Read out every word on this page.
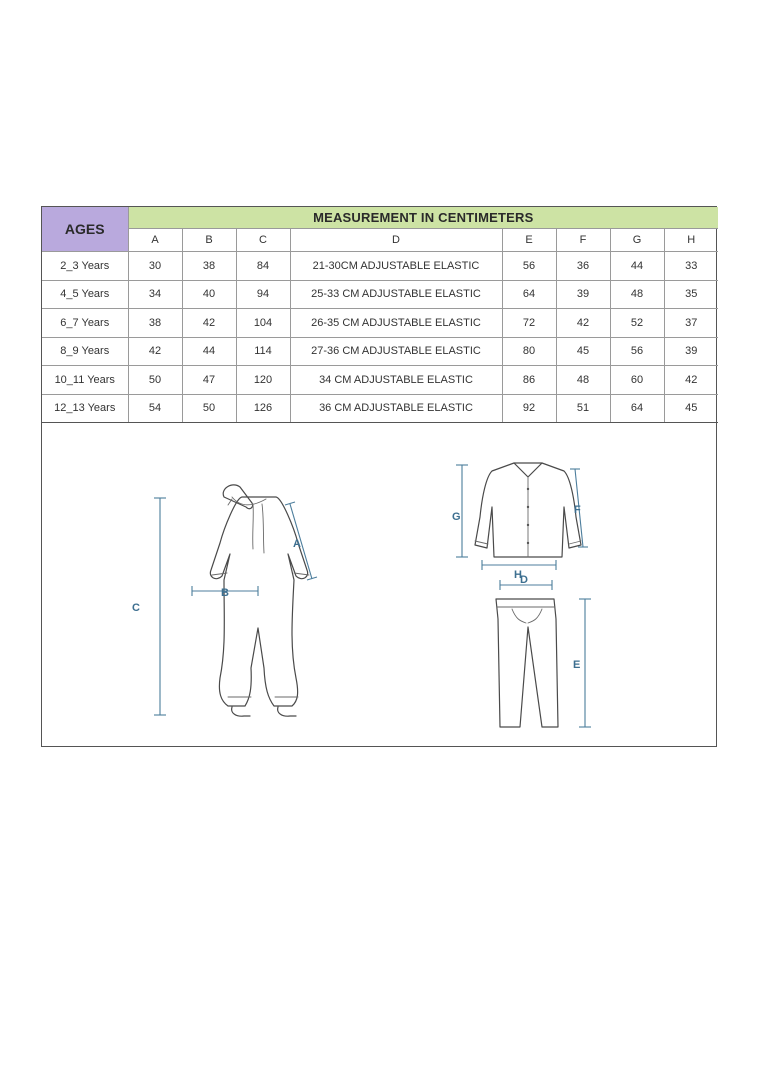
AGES	MEASUREMENT IN CENTIMETERS							
	A	B	C	D	E	F	G	H
2_3 Years	30	38	84	21-30CM ADJUSTABLE ELASTIC	56	36	44	33
4_5 Years	34	40	94	25-33 CM ADJUSTABLE ELASTIC	64	39	48	35
6_7 Years	38	42	104	26-35 CM ADJUSTABLE ELASTIC	72	42	52	37
8_9 Years	42	44	114	27-36 CM ADJUSTABLE ELASTIC	80	45	56	39
10_11 Years	50	47	120	34 CM ADJUSTABLE ELASTIC	86	48	60	42
12_13 Years	54	50	126	36 CM ADJUSTABLE ELASTIC	92	51	64	45
C
A
B
G
F
H
D
E
